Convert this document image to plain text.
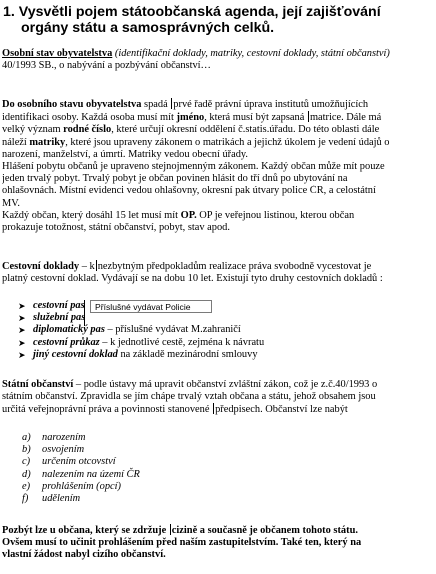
1. Vysvětli pojem státoobčanská agenda, její zajišťování
orgány státu a samosprávných celků.

Osobní stav obyvatelstva (identifikační doklady, matriky, cestovní doklady, státní občanství)

40/1993 SB., o nabývání a pozbývání občanství…

Do osobního stavu obyvatelstva spadá prvé řadě právní úprava institutů umožňujících

identifikaci osoby. Každá osoba musí mít jméno, která musí být zapsaná matrice. Dále má

velký význam rodné číslo, které určují okresní oddělení č.statis.úřadu. Do této oblasti dále

náleží matriky, které jsou upraveny zákonem o matrikách a jejichž úkolem je vedení údajů o

narození, manželství, a úmrtí. Matriky vedou obecní úřady.

Hlášení pobytu občanů je upraveno stejnojmenným zákonem. Každý občan může mít pouze

jeden trvalý pobyt. Trvalý pobyt je občan povinen hlásit do tří dnů po ubytování na

ohlašovnách. Místní evidenci vedou ohlašovny, okresní pak útvary police ČR, a celostátní

MV.

Každý občan, který dosáhl 15 let musí mít OP. OP je veřejnou listinou, kterou občan

prokazuje totožnost, státní občanství, pobyt, stav apod.

Cestovní doklady – k nezbytným předpokladům realizace práva svobodně vycestovat je

platný cestovní doklad. Vydávají se na dobu 10 let. Existují tyto druhy cestovních dokladů :

➤ cestovní pas
➤ služební pas
➤ diplomatický pas – příslušné vydávat M.zahraničí
➤ cestovní průkaz – k jednotlivé cestě, zejména k návratu
➤ jiný cestovní doklad na základě mezinárodní smlouvy
Příslušné vydávat Policie

Státní občanství – podle ústavy má upravit občanství zvláštní zákon, což je z.č.40/1993 o

státním občanství. Zpravidla se jím chápe trvalý vztah občana a státu, jehož obsahem jsou

určitá veřejnoprávní práva a povinnosti stanovené předpisech. Občanství lze nabýt

a) narozením
b) osvojením
c) určením otcovství
d) nalezením na území ČR
e) prohlášením (opcí)
f) udělením

Pozbýt lze u občana, který se zdržuje cizině a současně je občanem tohoto státu.

Ovšem musí to učinit prohlášením před naším zastupitelstvím. Také ten, který na

vlastní žádost nabyl cizího občanství.
